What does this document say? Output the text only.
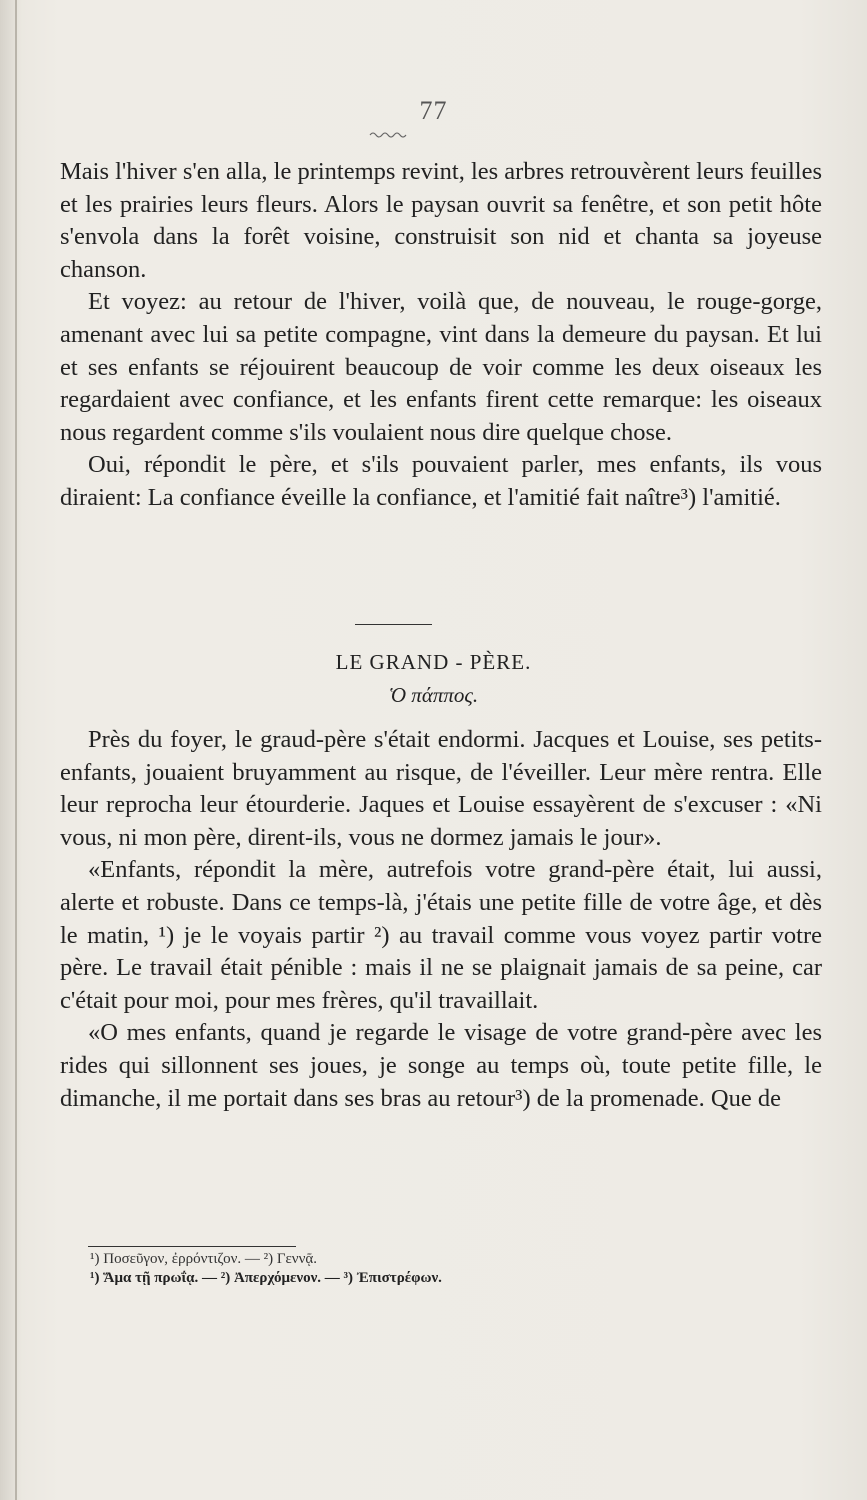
77

Mais l'hiver s'en alla, le printemps revint, les arbres retrouvèrent leurs feuilles et les prairies leurs fleurs. Alors le paysan ouvrit sa fenêtre, et son petit hôte s'envola dans la forêt voisine, construisit son nid et chanta sa joyeuse chanson.

Et voyez: au retour de l'hiver, voilà que, de nouveau, le rouge-gorge, amenant avec lui sa petite compagne, vint dans la demeure du paysan. Et lui et ses enfants se réjouirent beaucoup de voir comme les deux oiseaux les regardaient avec confiance, et les enfants firent cette remarque: les oiseaux nous regardent comme s'ils voulaient nous dire quelque chose.

Oui, répondit le père, et s'ils pouvaient parler, mes enfants, ils vous diraient: La confiance éveille la confiance, et l'amitié fait naître³) l'amitié.

LE GRAND - PÈRE.
Ὁ πάππος.

Près du foyer, le graud-père s'était endormi. Jacques et Louise, ses petits-enfants, jouaient bruyamment au risque, de l'éveiller. Leur mère rentra. Elle leur reprocha leur étourderie. Jaques et Louise essayèrent de s'excuser : «Ni vous, ni mon père, dirent-ils, vous ne dormez jamais le jour».

«Enfants, répondit la mère, autrefois votre grand-père était, lui aussi, alerte et robuste. Dans ce temps-là, j'étais une petite fille de votre âge, et dès le matin, ¹) je le voyais partir ²) au travail comme vous voyez partir votre père. Le travail était pénible : mais il ne se plaignait jamais de sa peine, car c'était pour moi, pour mes frères, qu'il travaillait.

«O mes enfants, quand je regarde le visage de votre grand-père avec les rides qui sillonnent ses joues, je songe au temps où, toute petite fille, le dimanche, il me portait dans ses bras au retour³) de la promenade. Que de

¹) Ποσεῦγον, ἐρρόντιζον. — ²) Γεννᾷ.
¹) Ἅμα τῇ πρωΐᾳ. — ²) Ἀπερχόμενον. — ³) Ἐπιστρέφων.
